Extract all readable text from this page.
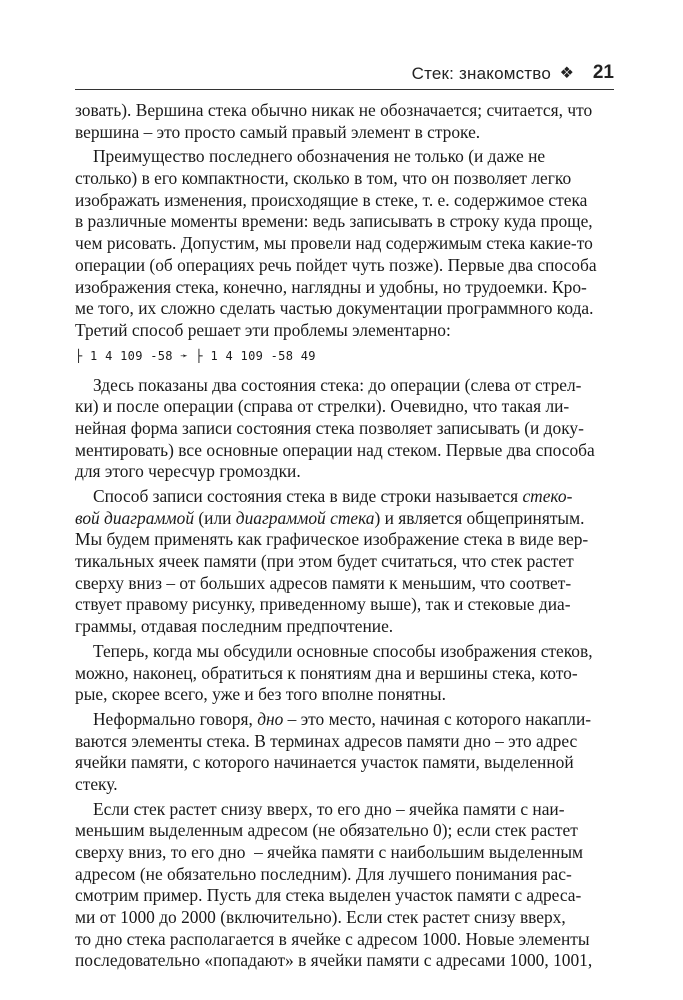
Стек: знакомство ❖ 21
зовать). Вершина стека обычно никак не обозначается; считается, что
вершина – это просто самый правый элемент в строке.
Преимущество последнего обозначения не только (и даже не
столько) в его компактности, сколько в том, что он позволяет легко
изображать изменения, происходящие в стеке, т. е. содержимое стека
в различные моменты времени: ведь записывать в строку куда проще,
чем рисовать. Допустим, мы провели над содержимым стека какие-то
операции (об операциях речь пойдет чуть позже). Первые два способа
изображения стека, конечно, наглядны и удобны, но трудоемки. Кро-
ме того, их сложно сделать частью документации программного кода.
Третий способ решает эти проблемы элементарно:
├ 1 4 109 -58 ➛ ├ 1 4 109 -58 49
Здесь показаны два состояния стека: до операции (слева от стрел-
ки) и после операции (справа от стрелки). Очевидно, что такая ли-
нейная форма записи состояния стека позволяет записывать (и доку-
ментировать) все основные операции над стеком. Первые два способа
для этого чересчур громоздки.
Способ записи состояния стека в виде строки называется стеко-
вой диаграммой (или диаграммой стека) и является общепринятым.
Мы будем применять как графическое изображение стека в виде вер-
тикальных ячеек памяти (при этом будет считаться, что стек растет
сверху вниз – от больших адресов памяти к меньшим, что соответ-
ствует правому рисунку, приведенному выше), так и стековые диа-
граммы, отдавая последним предпочтение.
Теперь, когда мы обсудили основные способы изображения стеков,
можно, наконец, обратиться к понятиям дна и вершины стека, кото-
рые, скорее всего, уже и без того вполне понятны.
Неформально говоря, дно – это место, начиная с которого накапли-
ваются элементы стека. В терминах адресов памяти дно – это адрес
ячейки памяти, с которого начинается участок памяти, выделенной
стеку.
Если стек растет снизу вверх, то его дно – ячейка памяти с наи-
меньшим выделенным адресом (не обязательно 0); если стек растет
сверху вниз, то его дно  – ячейка памяти с наибольшим выделенным
адресом (не обязательно последним). Для лучшего понимания рас-
смотрим пример. Пусть для стека выделен участок памяти с адреса-
ми от 1000 до 2000 (включительно). Если стек растет снизу вверх,
то дно стека располагается в ячейке с адресом 1000. Новые элементы
последовательно «попадают» в ячейки памяти с адресами 1000, 1001,
